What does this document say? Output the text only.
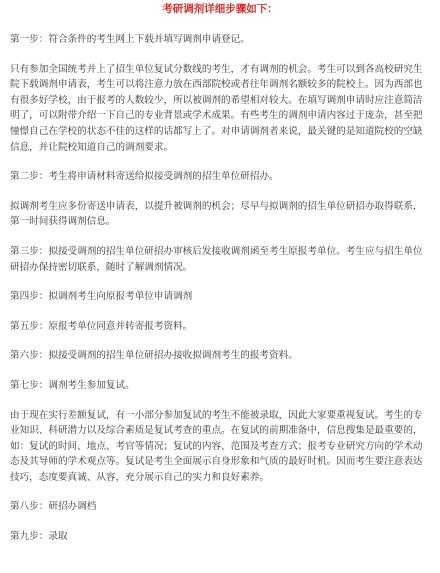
考研调剂详细步骤如下：

第一步：符合条件的考生网上下载并填写调剂申请登记。

只有参加全国统考并上了招生单位复试分数线的考生，才有调剂的机会。考生可以到各高校研究生院下载调剂申请表，考生可以将注意力放在西部院校或者往年调剂名额较多的院校上。因为西部也有很多好学校，由于报考的人数较少，所以被调剂的希望相对较大。在填写调剂申请时应注意简洁明了，可以附带介绍一下自己的专业背景或学术成果。有些考生的调剂申请内容过于庞杂，甚至把憧憬自己在学校的状态不佳的这样的话都写上了。对申请调剂者来说，最关键的是知道院校的空缺信息，并让院校知道自己的调剂要求。

第二步：考生将申请材料寄送给拟接受调剂的招生单位研招办。

拟调剂考生应多份寄送申请表，以提升被调剂的机会；尽早与拟调剂的招生单位研招办取得联系，第一时间获得调剂信息。

第三步：拟接受调剂的招生单位研招办审核后发接收调剂函至考生原报考单位。考生应与招生单位研招办保持密切联系，随时了解调剂情况。

第四步：拟调剂考生向原报考单位申请调剂

第五步：原报考单位同意并转寄报考资料。

第六步：拟接受调剂的招生单位研招办接收拟调剂考生的报考资料。

第七步：调剂考生参加复试。

由于现在实行差额复试，有一小部分参加复试的考生不能被录取，因此大家要重视复试。考生的专业知识、科研潜力以及综合素质是复试考查的重点。在复试的前期准备中，信息搜集是最重要的，如：复试的时间、地点、考官等情况；复试的内容、范围及考查方式；报考专业研究方向的学术动态及其导师的学术观点等。复试是考生全面展示自身形象和气质的最好时机。因而考生要注意表达技巧，态度要真诚、从容，充分展示自己的实力和良好素养。

第八步：研招办调档

第九步：录取
